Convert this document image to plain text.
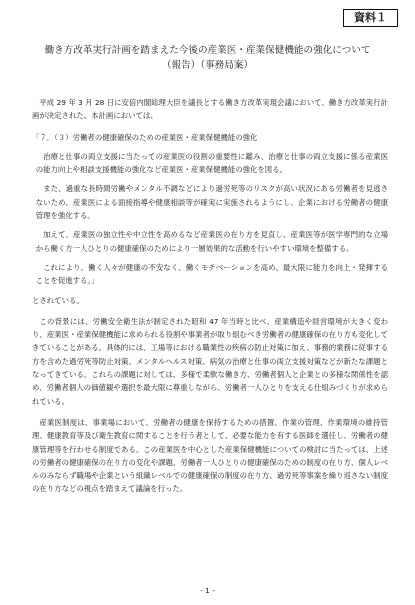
資料１
働き方改革実行計画を踏まえた今後の産業医・産業保健機能の強化について
（報告）（事務局案）

平成 29 年 3 月 28 日に安倍内閣総理大臣を議長とする働き方改革実現会議において、働き方改革実行計画が決定された。本計画においては、

「７．（３）労働者の健康確保のための産業医・産業保健機能の強化

治療と仕事の両立支援に当たっての産業医の役割の重要性に鑑み、治療と仕事の両立支援に係る産業医の能力向上や相談支援機能の強化など産業医・産業保健機能の強化を図る。

また、過重な長時間労働やメンタル不調などにより過労死等のリスクが高い状況にある労働者を見逃さないため、産業医による面接指導や健康相談等が確実に実施されるようにし、企業における労働者の健康管理を強化する。

加えて、産業医の独立性や中立性を高めるなど産業医の在り方を見直し、産業医等が医学専門的な立場から働く方一人ひとりの健康確保のためにより一層効果的な活動を行いやすい環境を整備する。

これにより、働く人々が健康の不安なく、働くモチベーションを高め、最大限に能力を向上・発揮することを促進する。」

とされている。

この背景には、労働安全衛生法が制定された昭和 47 年当時と比べ、産業構造や経営環境が大きく変わり、産業医・産業保健機能に求められる役割や事業者が取り組むべき労働者の健康確保の在り方も変化してきていることがある。具体的には、工場等における職業性の疾病の防止対策に加え、事務的業務に従事する方を含めた過労死等防止対策、メンタルヘルス対策、病気の治療と仕事の両立支援対策などが新たな課題となってきている。これらの課題に対しては、多様で柔軟な働き方、労働者個人と企業との多様な関係性を認め、労働者個人の価値観や選択を最大限に尊重しながら、労働者一人ひとりを支える仕組みづくりが求められている。

産業医制度は、事業場において、労働者の健康を保持するための措置、作業の管理、作業環境の維持管理、健康教育等及び衛生教育に関することを行う者として、必要な能力を有する医師を選任し、労働者の健康管理等を行わせる制度である。この産業医を中心とした産業保健機能についての検討に当たっては、上述の労働者の健康確保の在り方の変化や課題、労働者一人ひとりの健康確保のための制度の在り方、個人レベルのみならず職場や企業という組織レベルでの健康確保の制度の在り方、過労死等事案を繰り返さない制度の在り方などの視点を踏まえて議論を行った。

- 1 -
